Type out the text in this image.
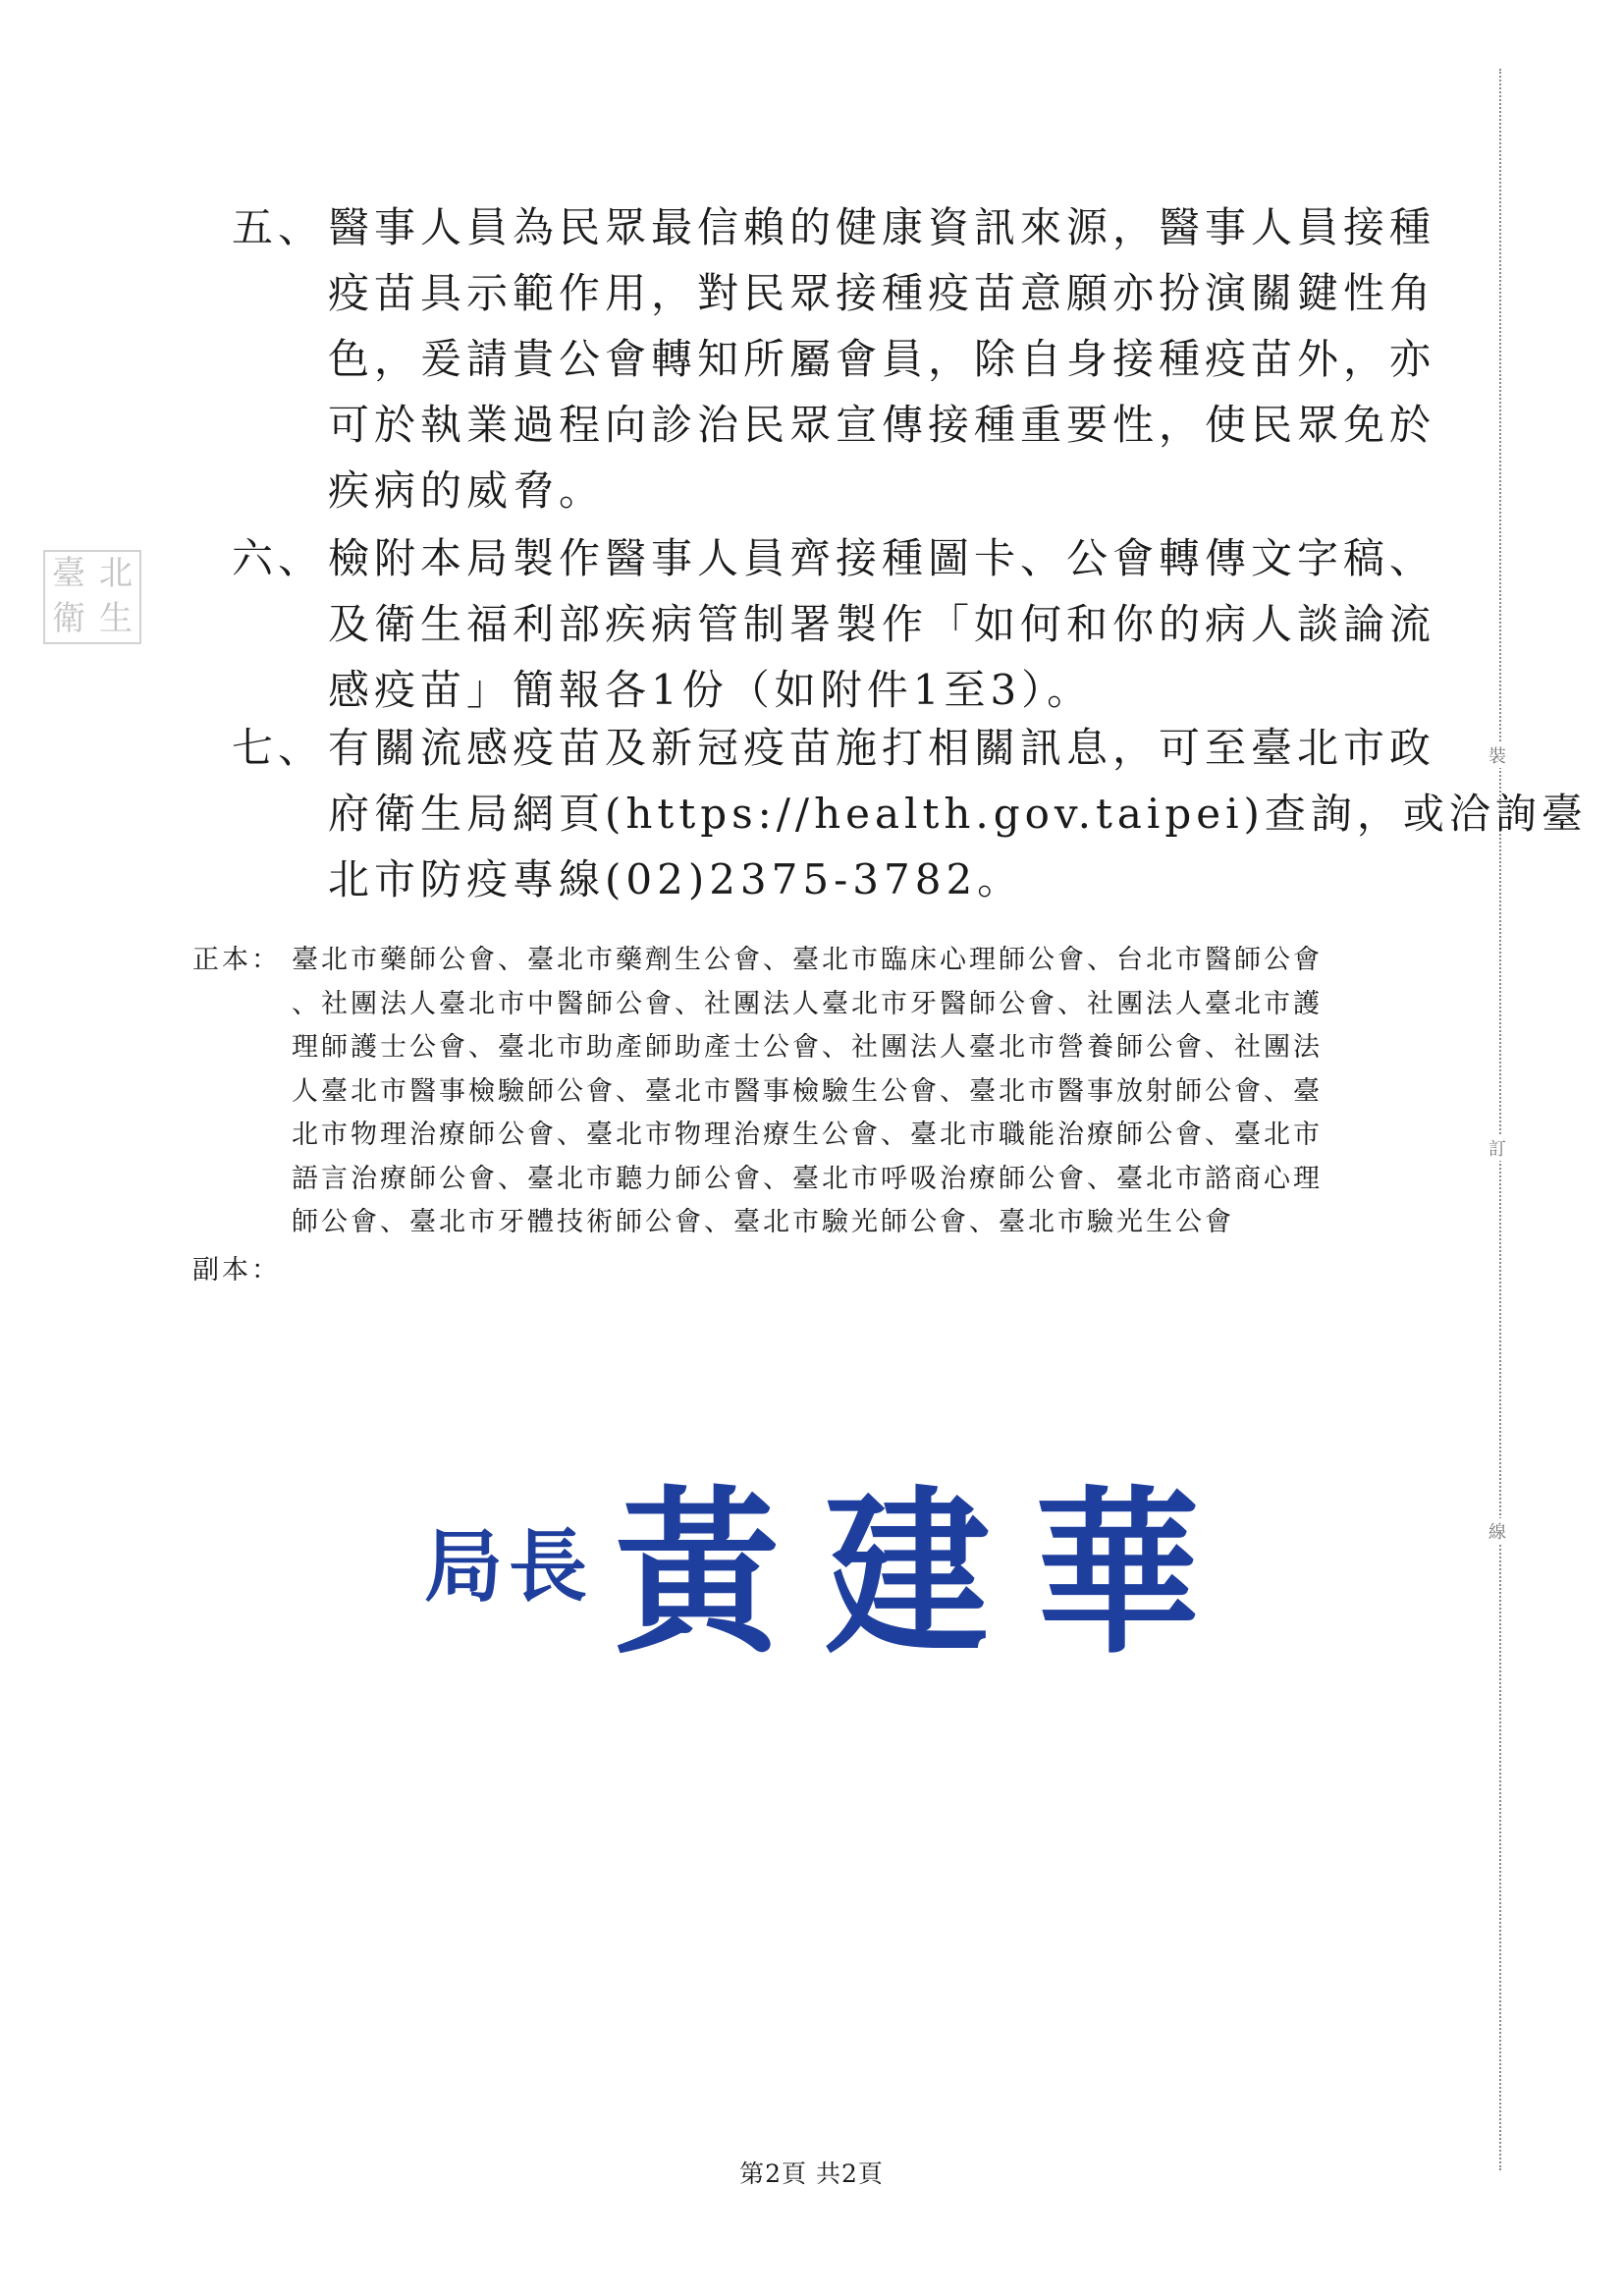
裝
訂
線
臺 北
衛 生
五、 醫事人員為民眾最信賴的健康資訊來源，醫事人員接種
疫苗具示範作用，對民眾接種疫苗意願亦扮演關鍵性角
色，爰請貴公會轉知所屬會員，除自身接種疫苗外，亦
可於執業過程向診治民眾宣傳接種重要性，使民眾免於
疾病的威脅。
六、 檢附本局製作醫事人員齊接種圖卡、公會轉傳文字稿、
及衛生福利部疾病管制署製作「如何和你的病人談論流
感疫苗」簡報各1份（如附件1至3）。
七、 有關流感疫苗及新冠疫苗施打相關訊息，可至臺北市政
府衛生局網頁(https://health.gov.taipei)查詢，或洽詢臺
北市防疫專線(02)2375-3782。
正本： 臺北市藥師公會、臺北市藥劑生公會、臺北市臨床心理師公會、台北市醫師公會
、社團法人臺北市中醫師公會、社團法人臺北市牙醫師公會、社團法人臺北市護
理師護士公會、臺北市助產師助產士公會、社團法人臺北市營養師公會、社團法
人臺北市醫事檢驗師公會、臺北市醫事檢驗生公會、臺北市醫事放射師公會、臺
北市物理治療師公會、臺北市物理治療生公會、臺北市職能治療師公會、臺北市
語言治療師公會、臺北市聽力師公會、臺北市呼吸治療師公會、臺北市諮商心理
師公會、臺北市牙體技術師公會、臺北市驗光師公會、臺北市驗光生公會
副本：
局長 黃建華
第2頁 共2頁
